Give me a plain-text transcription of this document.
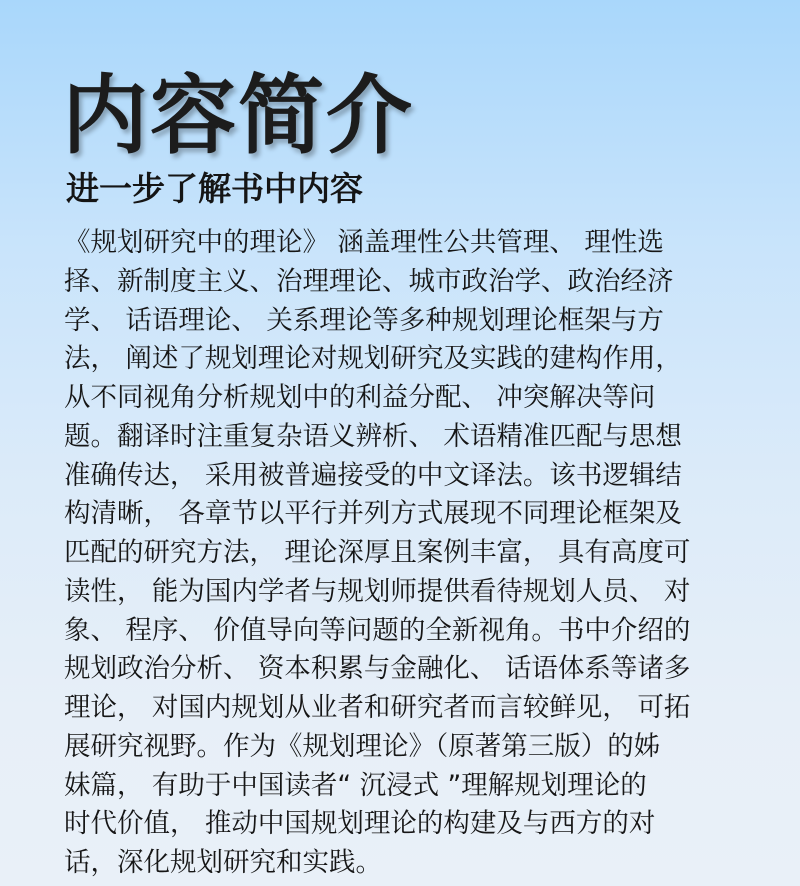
内容简介
进一步了解书中内容
《规划研究中的理论》 涵盖理性公共管理、 理性选
择、新制度主义、治理理论、城市政治学、政治经济
学、 话语理论、 关系理论等多种规划理论框架与方
法， 阐述了规划理论对规划研究及实践的建构作用，
从不同视角分析规划中的利益分配、 冲突解决等问
题。翻译时注重复杂语义辨析、 术语精准匹配与思想
准确传达， 采用被普遍接受的中文译法。该书逻辑结
构清晰， 各章节以平行并列方式展现不同理论框架及
匹配的研究方法， 理论深厚且案例丰富， 具有高度可
读性， 能为国内学者与规划师提供看待规划人员、 对
象、 程序、 价值导向等问题的全新视角。书中介绍的
规划政治分析、 资本积累与金融化、 话语体系等诸多
理论， 对国内规划从业者和研究者而言较鲜见， 可拓
展研究视野。作为《规划理论》（原著第三版）的姊
妹篇， 有助于中国读者“ 沉浸式 ”理解规划理论的
时代价值， 推动中国规划理论的构建及与西方的对
话，深化规划研究和实践。
